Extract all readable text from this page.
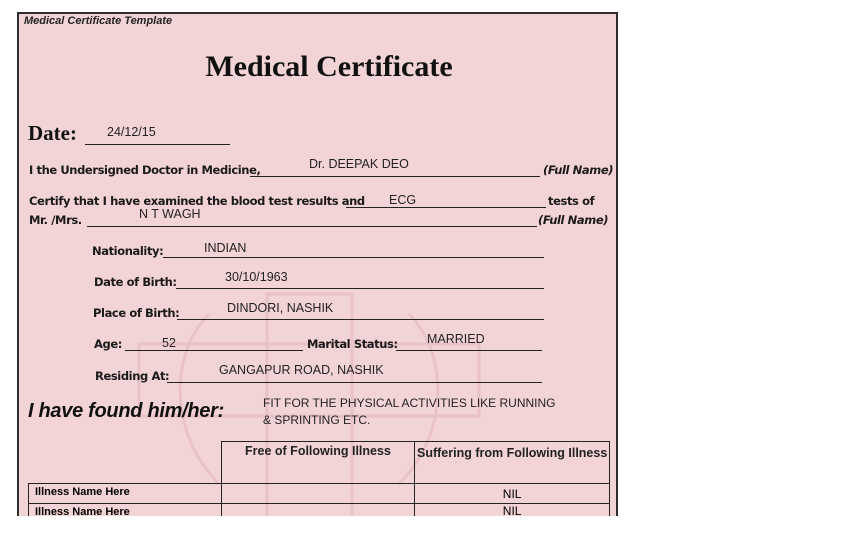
Medical Certificate Template
Medical Certificate
Date: 24/12/15
I the Undersigned Doctor in Medicine,	Dr. DEEPAK DEO	(Full Name)
Certify that I have examined the blood test results and ECG	tests of
Mr. /Mrs.	N T WAGH	(Full Name)
Nationality:	INDIAN
Date of Birth:	30/10/1963
Place of Birth:	DINDORI, NASHIK
Age:	52	Marital Status: MARRIED
Residing At:	GANGAPUR ROAD, NASHIK
I have found him/her:	FIT FOR THE PHYSICAL ACTIVITIES LIKE RUNNING
& SPRINTING ETC.
	Free of Following Illness	Suffering from Following Illness
Illness Name Here		NIL
Illness Name Here		NIL
